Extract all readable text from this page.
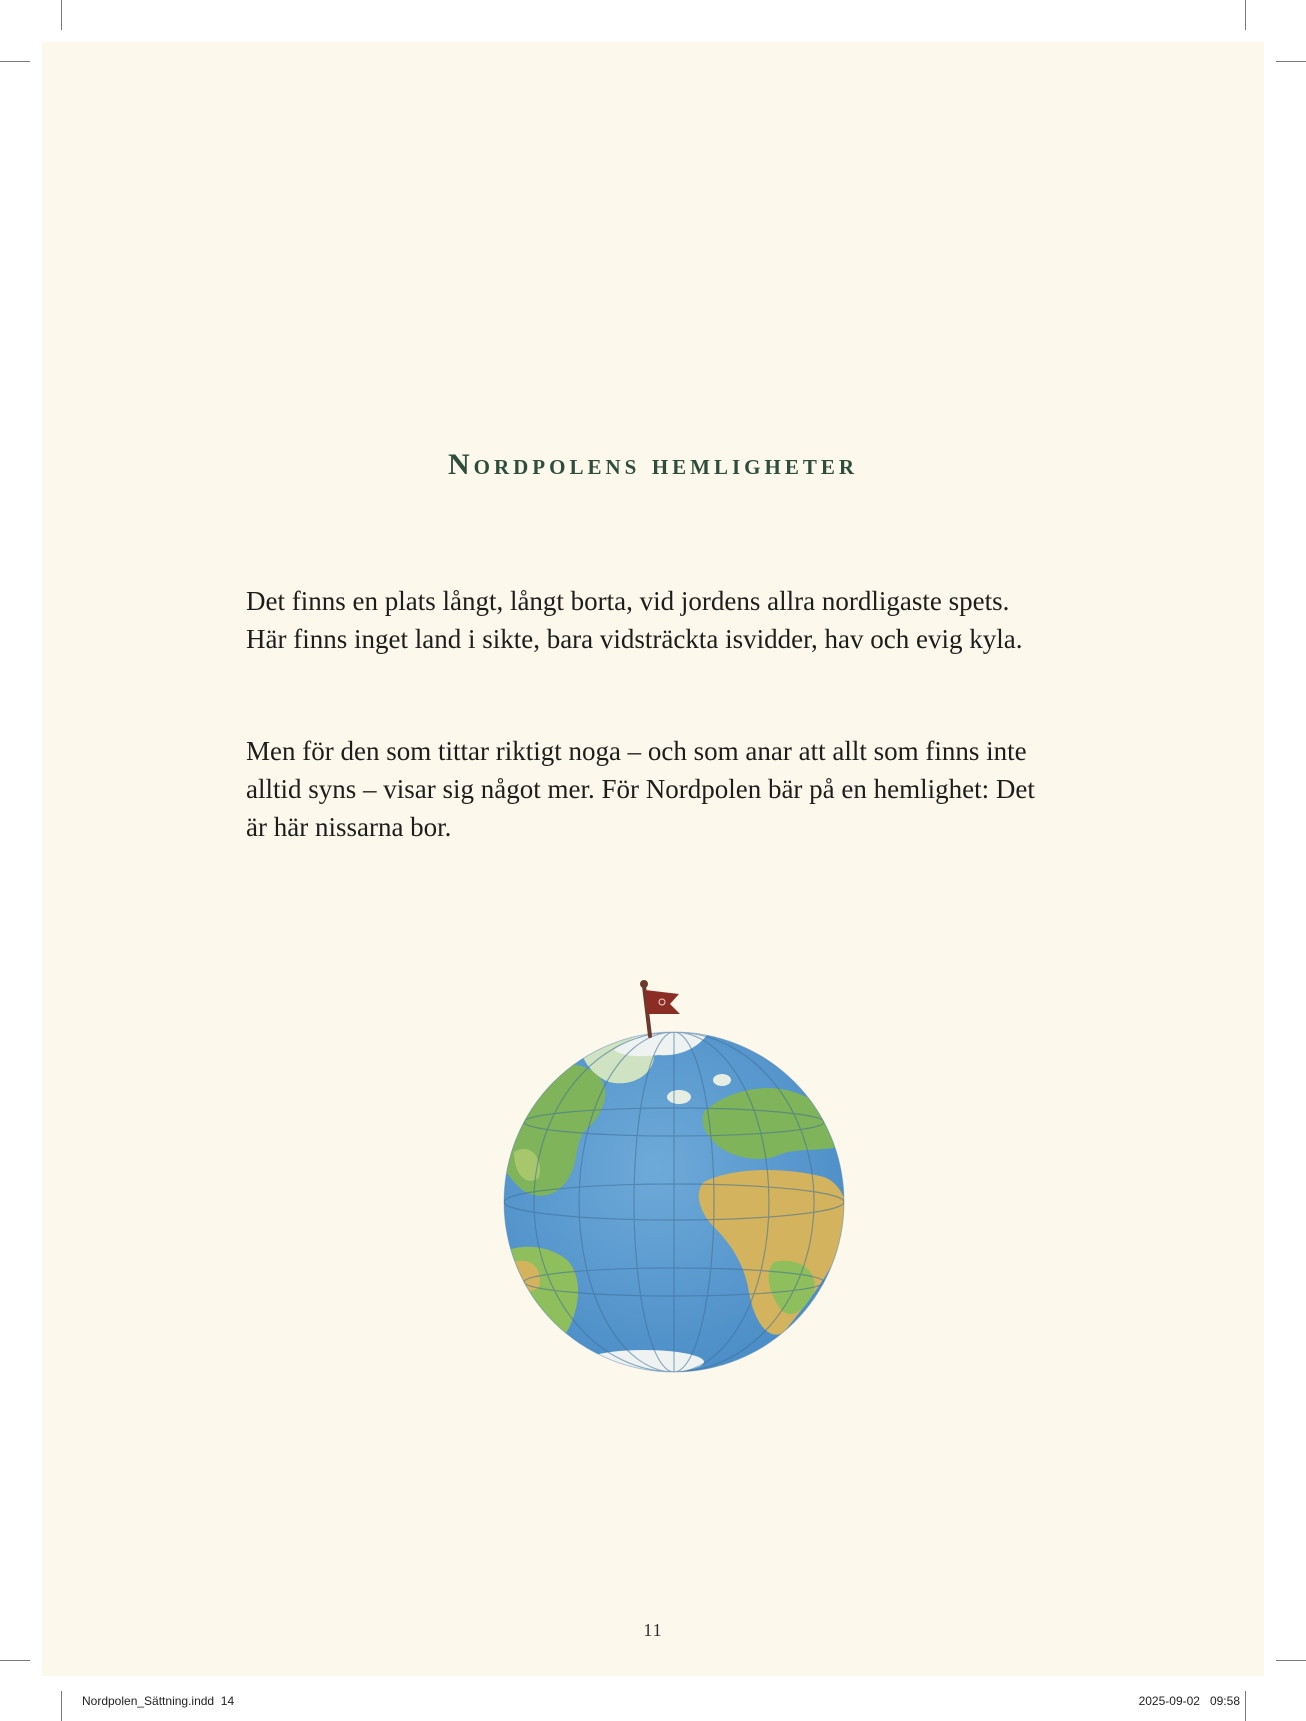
Nordpolens hemligheter

Det finns en plats långt, långt borta, vid jordens allra nordligaste spets. Här finns inget land i sikte, bara vidsträckta isvidder, hav och evig kyla.

Men för den som tittar riktigt noga – och som anar att allt som finns inte alltid syns – visar sig något mer. För Nordpolen bär på en hemlighet: Det är här nissarna bor.

11
Nordpolen_Sättning.indd  14	2025-09-02   09:58
